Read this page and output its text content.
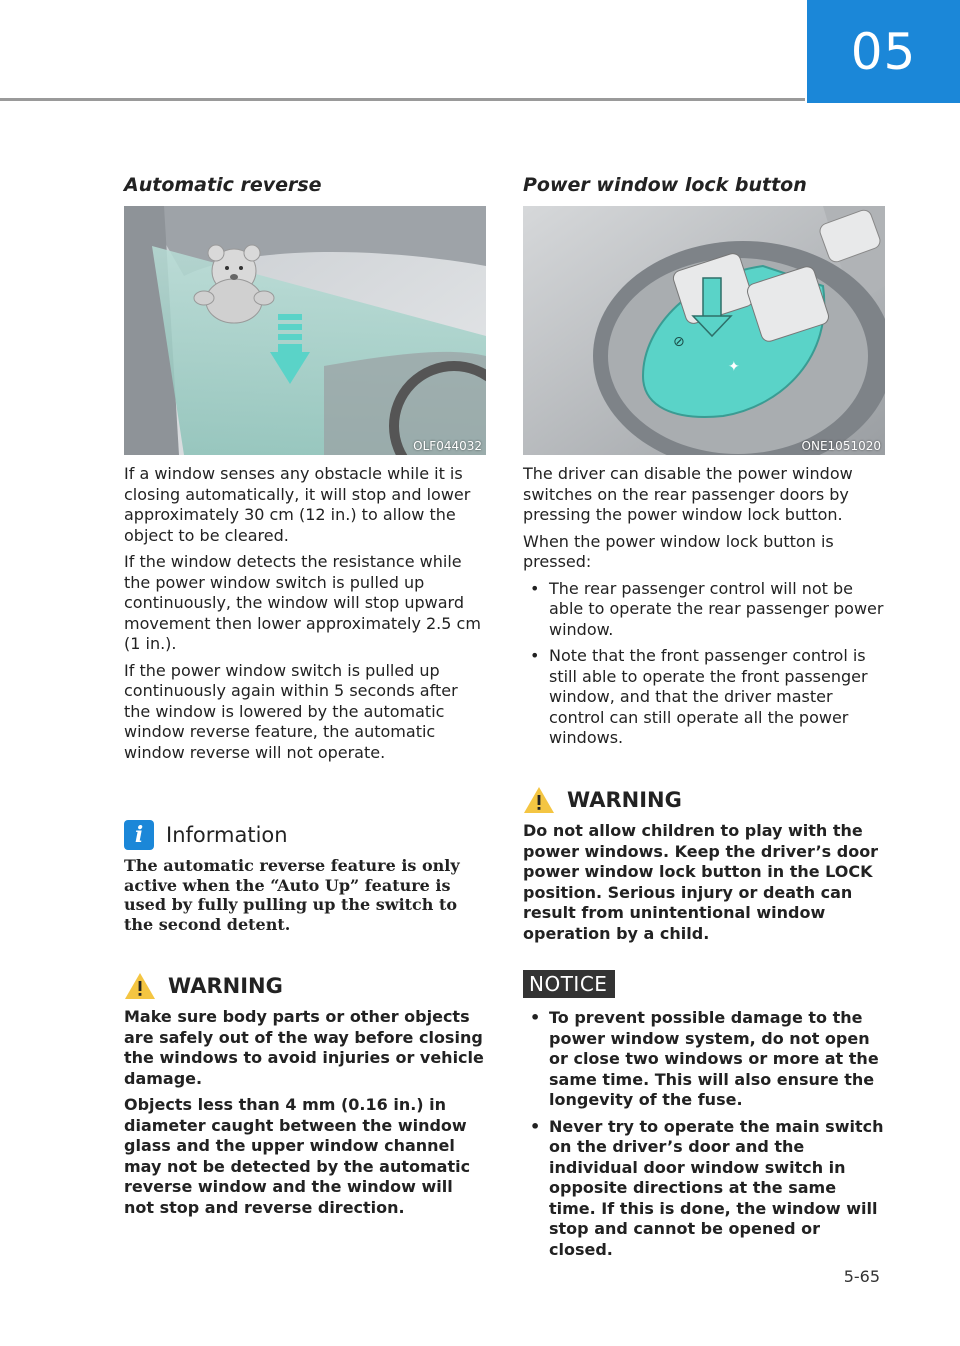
05
Automatic reverse
OLF044032

If a window senses any obstacle while it is closing automatically, it will stop and lower approximately 30 cm (12 in.) to allow the object to be cleared.

If the window detects the resistance while the power window switch is pulled up continuously, the window will stop upward movement then lower approximately 2.5 cm (1 in.).

If the power window switch is pulled up continuously again within 5 seconds after the window is lowered by the automatic window reverse feature, the automatic window reverse will not operate.

i	Information

The automatic reverse feature is only active when the “Auto Up” feature is used by fully pulling up the switch to the second detent.

WARNING

Make sure body parts or other objects are safely out of the way before closing the windows to avoid injuries or vehicle damage.

Objects less than 4 mm (0.16 in.) in diameter caught between the window glass and the upper window channel may not be detected by the automatic reverse window and the window will not stop and reverse direction.

Power window lock button
⊘
✦
ONE1051020

The driver can disable the power window switches on the rear passenger doors by pressing the power window lock button.

When the power window lock button is pressed:

• The rear passenger control will not be able to operate the rear passenger power window.
• Note that the front passenger control is still able to operate the front passenger window, and that the driver master control can still operate all the power windows.
WARNING

Do not allow children to play with the power windows. Keep the driver’s door power window lock button in the LOCK position. Serious injury or death can result from unintentional window operation by a child.

NOTICE
• To prevent possible damage to the power window system, do not open or close two windows or more at the same time. This will also ensure the longevity of the fuse.
• Never try to operate the main switch on the driver’s door and the individual door window switch in opposite directions at the same time. If this is done, the window will stop and cannot be opened or closed.
5-65
